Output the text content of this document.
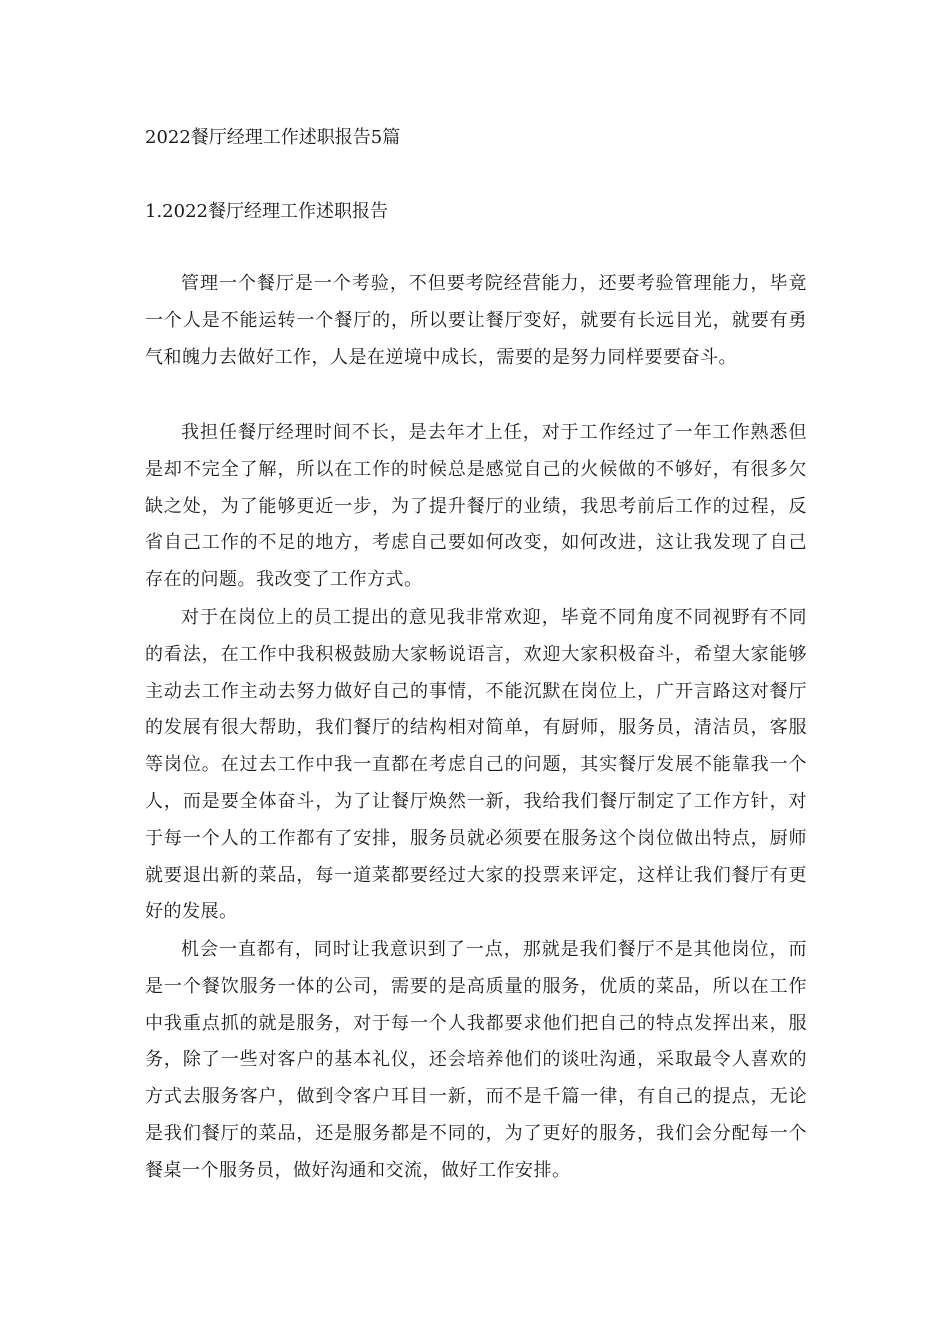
2022餐厅经理工作述职报告5篇
1.2022餐厅经理工作述职报告

管理一个餐厅是一个考验，不但要考院经营能力，还要考验管理能力，毕竟一个人是不能运转一个餐厅的，所以要让餐厅变好，就要有长远目光，就要有勇气和魄力去做好工作，人是在逆境中成长，需要的是努力同样要要奋斗。

我担任餐厅经理时间不长，是去年才上任，对于工作经过了一年工作熟悉但是却不完全了解，所以在工作的时候总是感觉自己的火候做的不够好，有很多欠缺之处，为了能够更近一步，为了提升餐厅的业绩，我思考前后工作的过程，反省自己工作的不足的地方，考虑自己要如何改变，如何改进，这让我发现了自己存在的问题。我改变了工作方式。

对于在岗位上的员工提出的意见我非常欢迎，毕竟不同角度不同视野有不同的看法，在工作中我积极鼓励大家畅说语言，欢迎大家积极奋斗，希望大家能够主动去工作主动去努力做好自己的事情，不能沉默在岗位上，广开言路这对餐厅的发展有很大帮助，我们餐厅的结构相对简单，有厨师，服务员，清洁员，客服等岗位。在过去工作中我一直都在考虑自己的问题，其实餐厅发展不能靠我一个人，而是要全体奋斗，为了让餐厅焕然一新，我给我们餐厅制定了工作方针，对于每一个人的工作都有了安排，服务员就必须要在服务这个岗位做出特点，厨师就要退出新的菜品，每一道菜都要经过大家的投票来评定，这样让我们餐厅有更好的发展。

机会一直都有，同时让我意识到了一点，那就是我们餐厅不是其他岗位，而是一个餐饮服务一体的公司，需要的是高质量的服务，优质的菜品，所以在工作中我重点抓的就是服务，对于每一个人我都要求他们把自己的特点发挥出来，服务，除了一些对客户的基本礼仪，还会培养他们的谈吐沟通，采取最令人喜欢的方式去服务客户，做到令客户耳目一新，而不是千篇一律，有自己的提点，无论是我们餐厅的菜品，还是服务都是不同的，为了更好的服务，我们会分配每一个餐桌一个服务员，做好沟通和交流，做好工作安排。
